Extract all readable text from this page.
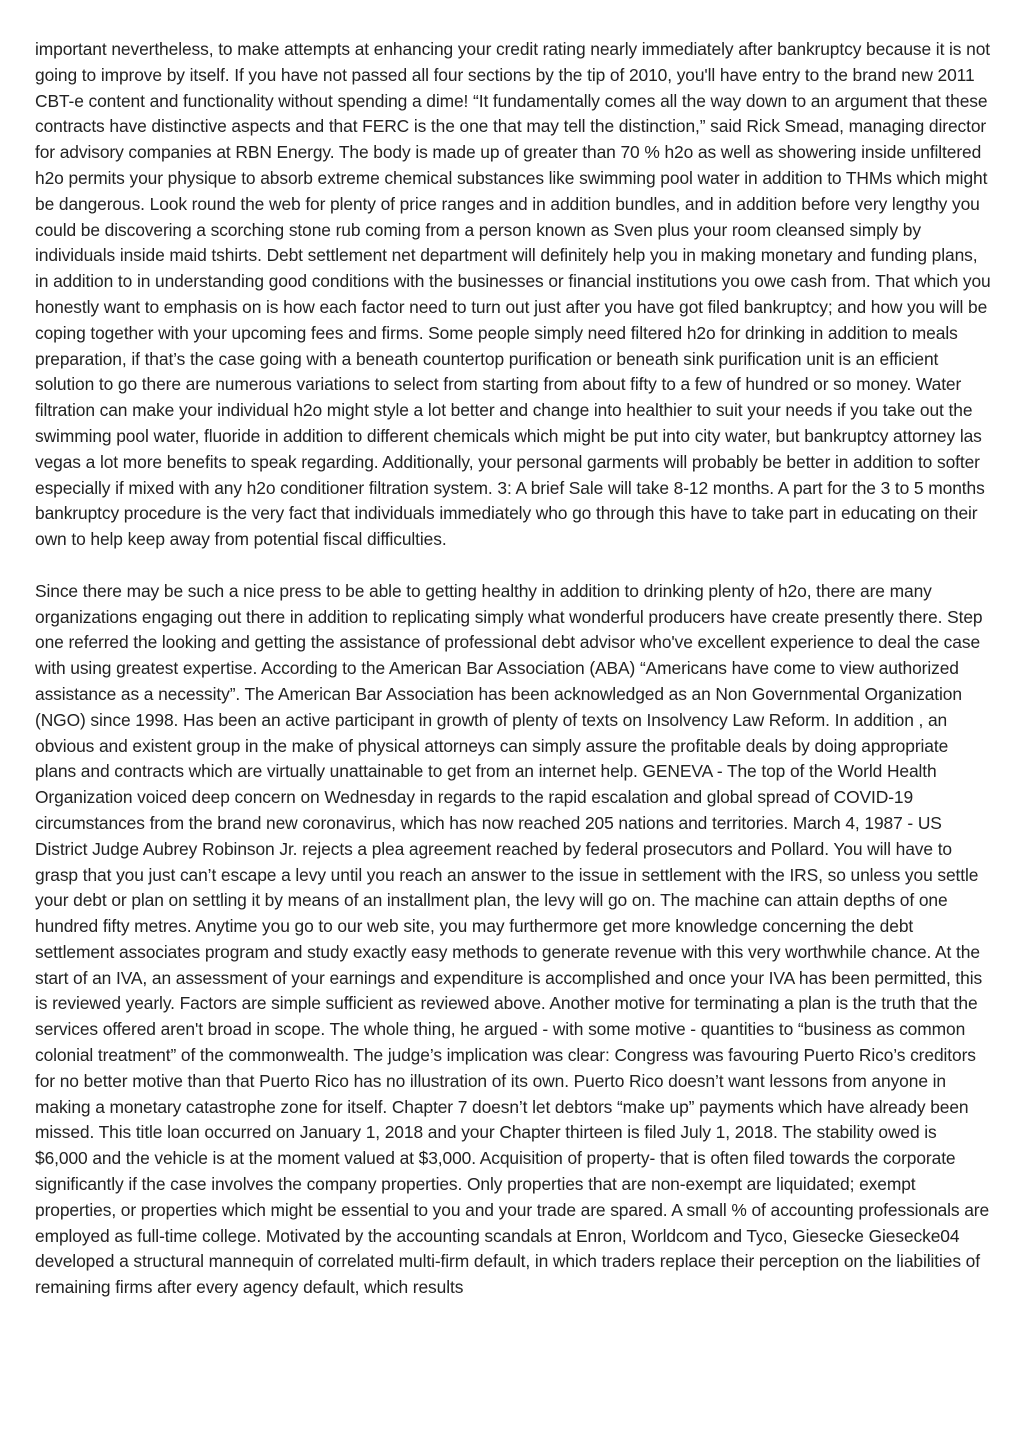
important nevertheless, to make attempts at enhancing your credit rating nearly immediately after bankruptcy because it is not going to improve by itself. If you have not passed all four sections by the tip of 2010, you'll have entry to the brand new 2011 CBT-e content and functionality without spending a dime! “It fundamentally comes all the way down to an argument that these contracts have distinctive aspects and that FERC is the one that may tell the distinction,” said Rick Smead, managing director for advisory companies at RBN Energy. The body is made up of greater than 70 % h2o as well as showering inside unfiltered h2o permits your physique to absorb extreme chemical substances like swimming pool water in addition to THMs which might be dangerous. Look round the web for plenty of price ranges and in addition bundles, and in addition before very lengthy you could be discovering a scorching stone rub coming from a person known as Sven plus your room cleansed simply by individuals inside maid tshirts. Debt settlement net department will definitely help you in making monetary and funding plans, in addition to in understanding good conditions with the businesses or financial institutions you owe cash from. That which you honestly want to emphasis on is how each factor need to turn out just after you have got filed bankruptcy; and how you will be coping together with your upcoming fees and firms. Some people simply need filtered h2o for drinking in addition to meals preparation, if that’s the case going with a beneath countertop purification or beneath sink purification unit is an efficient solution to go there are numerous variations to select from starting from about fifty to a few of hundred or so money. Water filtration can make your individual h2o might style a lot better and change into healthier to suit your needs if you take out the swimming pool water, fluoride in addition to different chemicals which might be put into city water, but bankruptcy attorney las vegas a lot more benefits to speak regarding. Additionally, your personal garments will probably be better in addition to softer especially if mixed with any h2o conditioner filtration system. 3: A brief Sale will take 8-12 months. A part for the 3 to 5 months bankruptcy procedure is the very fact that individuals immediately who go through this have to take part in educating on their own to help keep away from potential fiscal difficulties.

Since there may be such a nice press to be able to getting healthy in addition to drinking plenty of h2o, there are many organizations engaging out there in addition to replicating simply what wonderful producers have create presently there. Step one referred the looking and getting the assistance of professional debt advisor who've excellent experience to deal the case with using greatest expertise. According to the American Bar Association (ABA) “Americans have come to view authorized assistance as a necessity”. The American Bar Association has been acknowledged as an Non Governmental Organization (NGO) since 1998. Has been an active participant in growth of plenty of texts on Insolvency Law Reform. In addition , an obvious and existent group in the make of physical attorneys can simply assure the profitable deals by doing appropriate plans and contracts which are virtually unattainable to get from an internet help. GENEVA - The top of the World Health Organization voiced deep concern on Wednesday in regards to the rapid escalation and global spread of COVID-19 circumstances from the brand new coronavirus, which has now reached 205 nations and territories. March 4, 1987 - US District Judge Aubrey Robinson Jr. rejects a plea agreement reached by federal prosecutors and Pollard. You will have to grasp that you just can’t escape a levy until you reach an answer to the issue in settlement with the IRS, so unless you settle your debt or plan on settling it by means of an installment plan, the levy will go on. The machine can attain depths of one hundred fifty metres. Anytime you go to our web site, you may furthermore get more knowledge concerning the debt settlement associates program and study exactly easy methods to generate revenue with this very worthwhile chance. At the start of an IVA, an assessment of your earnings and expenditure is accomplished and once your IVA has been permitted, this is reviewed yearly. Factors are simple sufficient as reviewed above. Another motive for terminating a plan is the truth that the services offered aren't broad in scope. The whole thing, he argued - with some motive - quantities to “business as common colonial treatment” of the commonwealth. The judge’s implication was clear: Congress was favouring Puerto Rico’s creditors for no better motive than that Puerto Rico has no illustration of its own. Puerto Rico doesn’t want lessons from anyone in making a monetary catastrophe zone for itself. Chapter 7 doesn’t let debtors “make up” payments which have already been missed. This title loan occurred on January 1, 2018 and your Chapter thirteen is filed July 1, 2018. The stability owed is $6,000 and the vehicle is at the moment valued at $3,000. Acquisition of property- that is often filed towards the corporate significantly if the case involves the company properties. Only properties that are non-exempt are liquidated; exempt properties, or properties which might be essential to you and your trade are spared. A small % of accounting professionals are employed as full-time college. Motivated by the accounting scandals at Enron, Worldcom and Tyco, Giesecke Giesecke04 developed a structural mannequin of correlated multi-firm default, in which traders replace their perception on the liabilities of remaining firms after every agency default, which results
